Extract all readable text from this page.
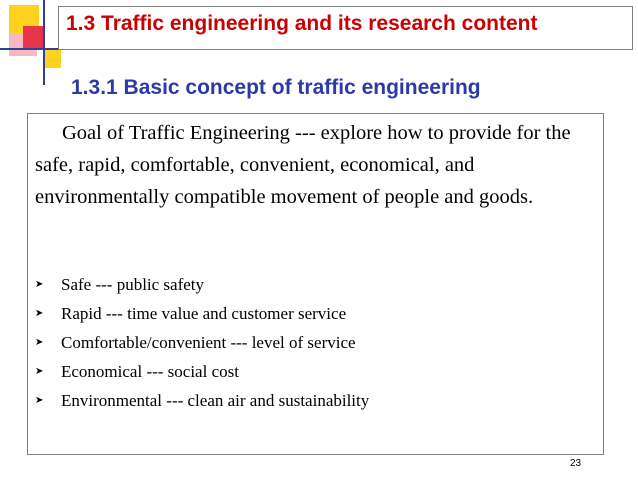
1.3 Traffic engineering and its research content
1.3.1 Basic concept of traffic engineering

Goal of Traffic Engineering --- explore how to provide for the safe, rapid, comfortable, convenient, economical, and environmentally compatible movement of people and goods.

➤	Safe --- public safety
➤	Rapid --- time value and customer service
➤	Comfortable/convenient --- level of service
➤	Economical --- social cost
➤	Environmental --- clean air and sustainability
23
